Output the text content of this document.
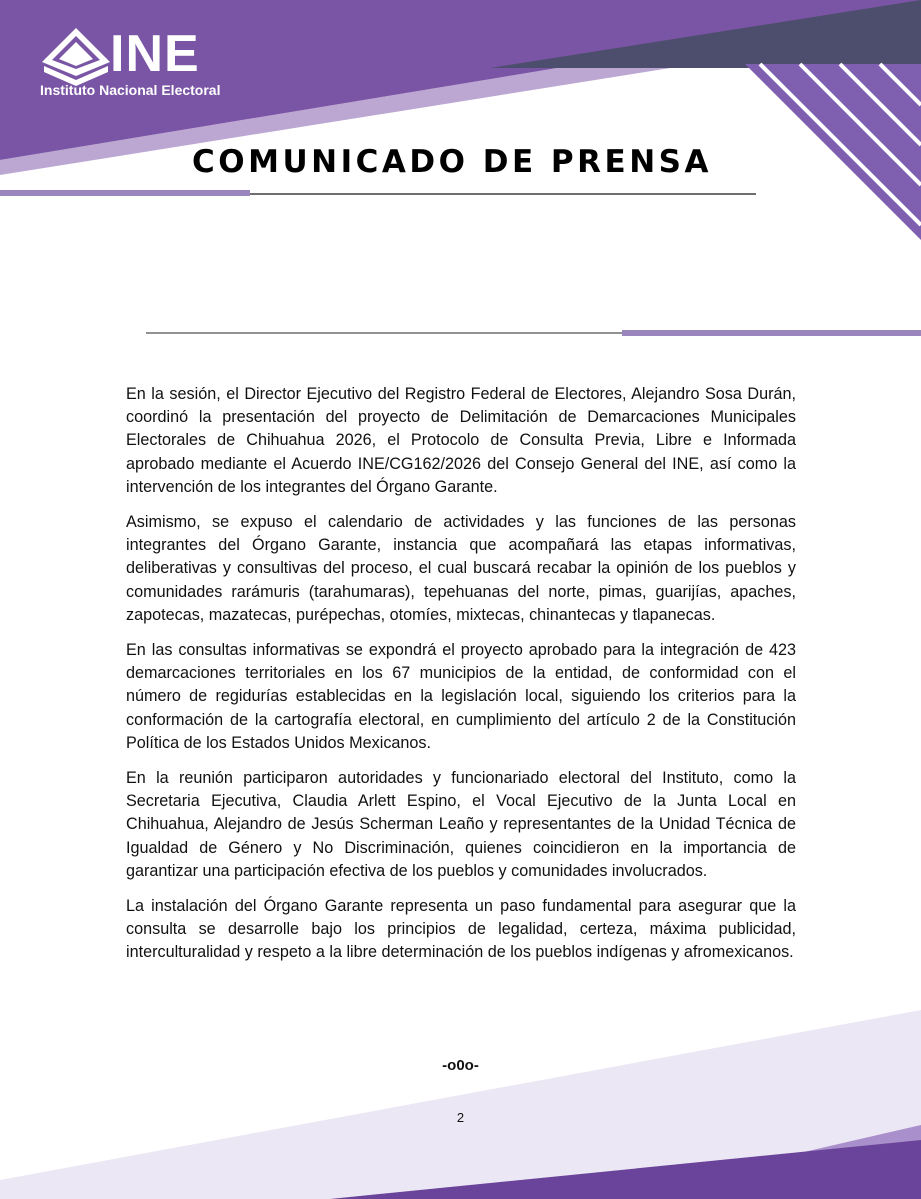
INE
Instituto Nacional Electoral
COMUNICADO DE PRENSA

En la sesión, el Director Ejecutivo del Registro Federal de Electores, Alejandro Sosa Durán, coordinó la presentación del proyecto de Delimitación de Demarcaciones Municipales Electorales de Chihuahua 2026, el Protocolo de Consulta Previa, Libre e Informada aprobado mediante el Acuerdo INE/CG162/2026 del Consejo General del INE, así como la intervención de los integrantes del Órgano Garante.

Asimismo, se expuso el calendario de actividades y las funciones de las personas integrantes del Órgano Garante, instancia que acompañará las etapas informativas, deliberativas y consultivas del proceso, el cual buscará recabar la opinión de los pueblos y comunidades rarámuris (tarahumaras), tepehuanas del norte, pimas, guarijías, apaches, zapotecas, mazatecas, purépechas, otomíes, mixtecas, chinantecas y tlapanecas.

En las consultas informativas se expondrá el proyecto aprobado para la integración de 423 demarcaciones territoriales en los 67 municipios de la entidad, de conformidad con el número de regidurías establecidas en la legislación local, siguiendo los criterios para la conformación de la cartografía electoral, en cumplimiento del artículo 2 de la Constitución Política de los Estados Unidos Mexicanos.

En la reunión participaron autoridades y funcionariado electoral del Instituto, como la Secretaria Ejecutiva, Claudia Arlett Espino, el Vocal Ejecutivo de la Junta Local en Chihuahua, Alejandro de Jesús Scherman Leaño y representantes de la Unidad Técnica de Igualdad de Género y No Discriminación, quienes coincidieron en la importancia de garantizar una participación efectiva de los pueblos y comunidades involucrados.

La instalación del Órgano Garante representa un paso fundamental para asegurar que la consulta se desarrolle bajo los principios de legalidad, certeza, máxima publicidad, interculturalidad y respeto a la libre determinación de los pueblos indígenas y afromexicanos.

-o0o-
2
